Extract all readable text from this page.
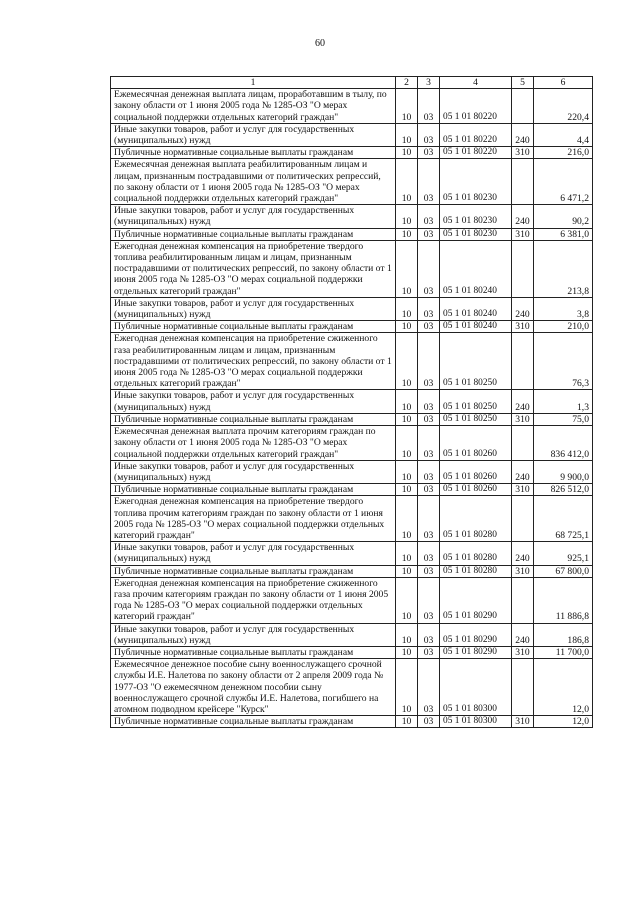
60
1	2	3	4	5	6
Ежемесячная денежная выплата лицам, проработавшим в тылу, по закону области от 1 июня 2005 года № 1285-ОЗ "О мерах социальной поддержки отдельных категорий граждан"	10	03	05 1 01 80220		220,4
Иные закупки товаров, работ и услуг для государственных (муниципальных) нужд	10	03	05 1 01 80220	240	4,4
Публичные нормативные социальные выплаты гражданам	10	03	05 1 01 80220	310	216,0
Ежемесячная денежная выплата реабилитированным лицам и лицам, признанным пострадавшими от политических репрессий, по закону области от 1 июня 2005 года № 1285-ОЗ "О мерах социальной поддержки отдельных категорий граждан"	10	03	05 1 01 80230		6 471,2
Иные закупки товаров, работ и услуг для государственных (муниципальных) нужд	10	03	05 1 01 80230	240	90,2
Публичные нормативные социальные выплаты гражданам	10	03	05 1 01 80230	310	6 381,0
Ежегодная денежная компенсация на приобретение твердого топлива реабилитированным лицам и лицам, признанным пострадавшими от политических репрессий, по закону области от 1 июня 2005 года № 1285-ОЗ "О мерах социальной поддержки отдельных категорий граждан"	10	03	05 1 01 80240		213,8
Иные закупки товаров, работ и услуг для государственных (муниципальных) нужд	10	03	05 1 01 80240	240	3,8
Публичные нормативные социальные выплаты гражданам	10	03	05 1 01 80240	310	210,0
Ежегодная денежная компенсация на приобретение сжиженного газа реабилитированным лицам и лицам, признанным пострадавшими от политических репрессий, по закону области от 1 июня 2005 года № 1285-ОЗ "О мерах социальной поддержки отдельных категорий граждан"	10	03	05 1 01 80250		76,3
Иные закупки товаров, работ и услуг для государственных (муниципальных) нужд	10	03	05 1 01 80250	240	1,3
Публичные нормативные социальные выплаты гражданам	10	03	05 1 01 80250	310	75,0
Ежемесячная денежная выплата прочим категориям граждан по закону области от 1 июня 2005 года № 1285-ОЗ "О мерах социальной поддержки отдельных категорий граждан"	10	03	05 1 01 80260		836 412,0
Иные закупки товаров, работ и услуг для государственных (муниципальных) нужд	10	03	05 1 01 80260	240	9 900,0
Публичные нормативные социальные выплаты гражданам	10	03	05 1 01 80260	310	826 512,0
Ежегодная денежная компенсация на приобретение твердого топлива прочим категориям граждан по закону области от 1 июня 2005 года № 1285-ОЗ "О мерах социальной поддержки отдельных категорий граждан"	10	03	05 1 01 80280		68 725,1
Иные закупки товаров, работ и услуг для государственных (муниципальных) нужд	10	03	05 1 01 80280	240	925,1
Публичные нормативные социальные выплаты гражданам	10	03	05 1 01 80280	310	67 800,0
Ежегодная денежная компенсация на приобретение сжиженного газа прочим категориям граждан по закону области от 1 июня 2005 года № 1285-ОЗ "О мерах социальной поддержки отдельных категорий граждан"	10	03	05 1 01 80290		11 886,8
Иные закупки товаров, работ и услуг для государственных (муниципальных) нужд	10	03	05 1 01 80290	240	186,8
Публичные нормативные социальные выплаты гражданам	10	03	05 1 01 80290	310	11 700,0
Ежемесячное денежное пособие сыну военнослужащего срочной службы И.Е. Налетова по закону области от 2 апреля 2009 года № 1977-ОЗ "О ежемесячном денежном пособии сыну военнослужащего срочной службы И.Е. Налетова, погибшего на атомном подводном крейсере "Курск"	10	03	05 1 01 80300		12,0
Публичные нормативные социальные выплаты гражданам	10	03	05 1 01 80300	310	12,0
